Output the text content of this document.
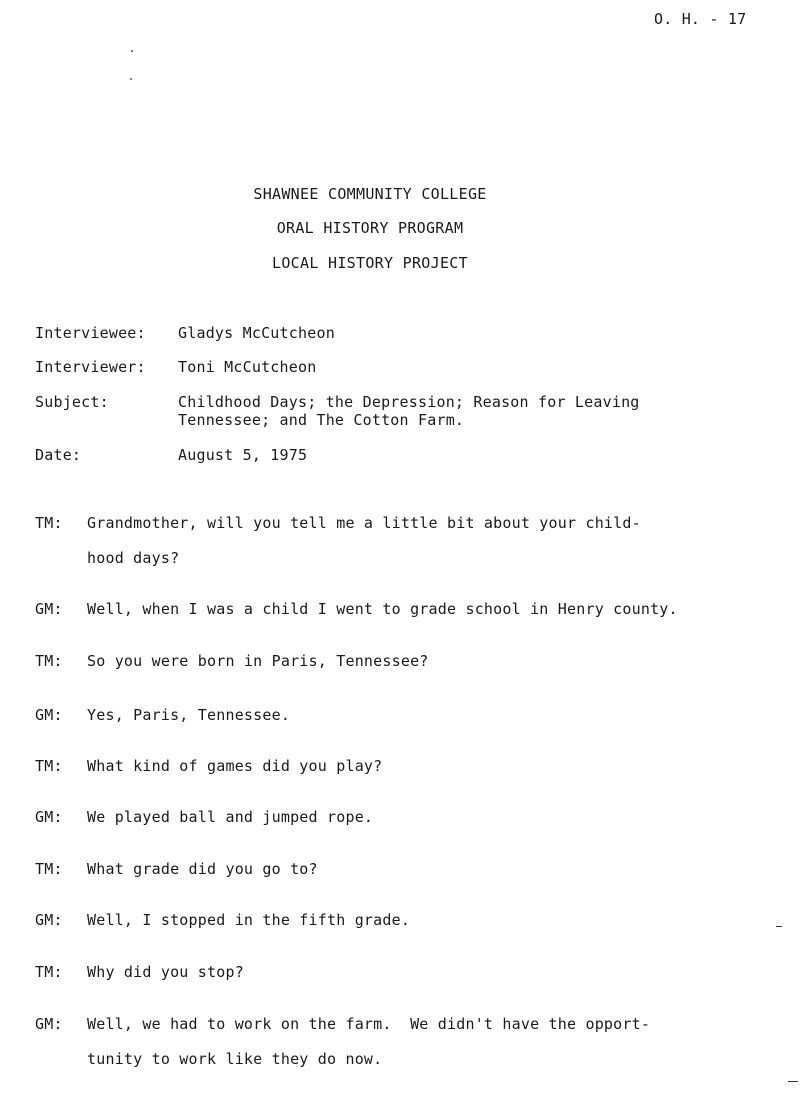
O. H. - 17
SHAWNEE COMMUNITY COLLEGE
ORAL HISTORY PROGRAM
LOCAL HISTORY PROJECT
Interviewee: Gladys McCutcheon
Interviewer: Toni McCutcheon
Subject:	Childhood Days; the Depression; Reason for Leaving
Tennessee; and The Cotton Farm.
Date:	August 5, 1975
TM: Grandmother, will you tell me a little bit about your child-
hood days?
GM: Well, when I was a child I went to grade school in Henry county.
TM: So you were born in Paris, Tennessee?
GM: Yes, Paris, Tennessee.
TM: What kind of games did you play?
GM: We played ball and jumped rope.
TM: What grade did you go to?
GM: Well, I stopped in the fifth grade.
TM: Why did you stop?
GM: Well, we had to work on the farm.  We didn't have the opport-
tunity to work like they do now.
